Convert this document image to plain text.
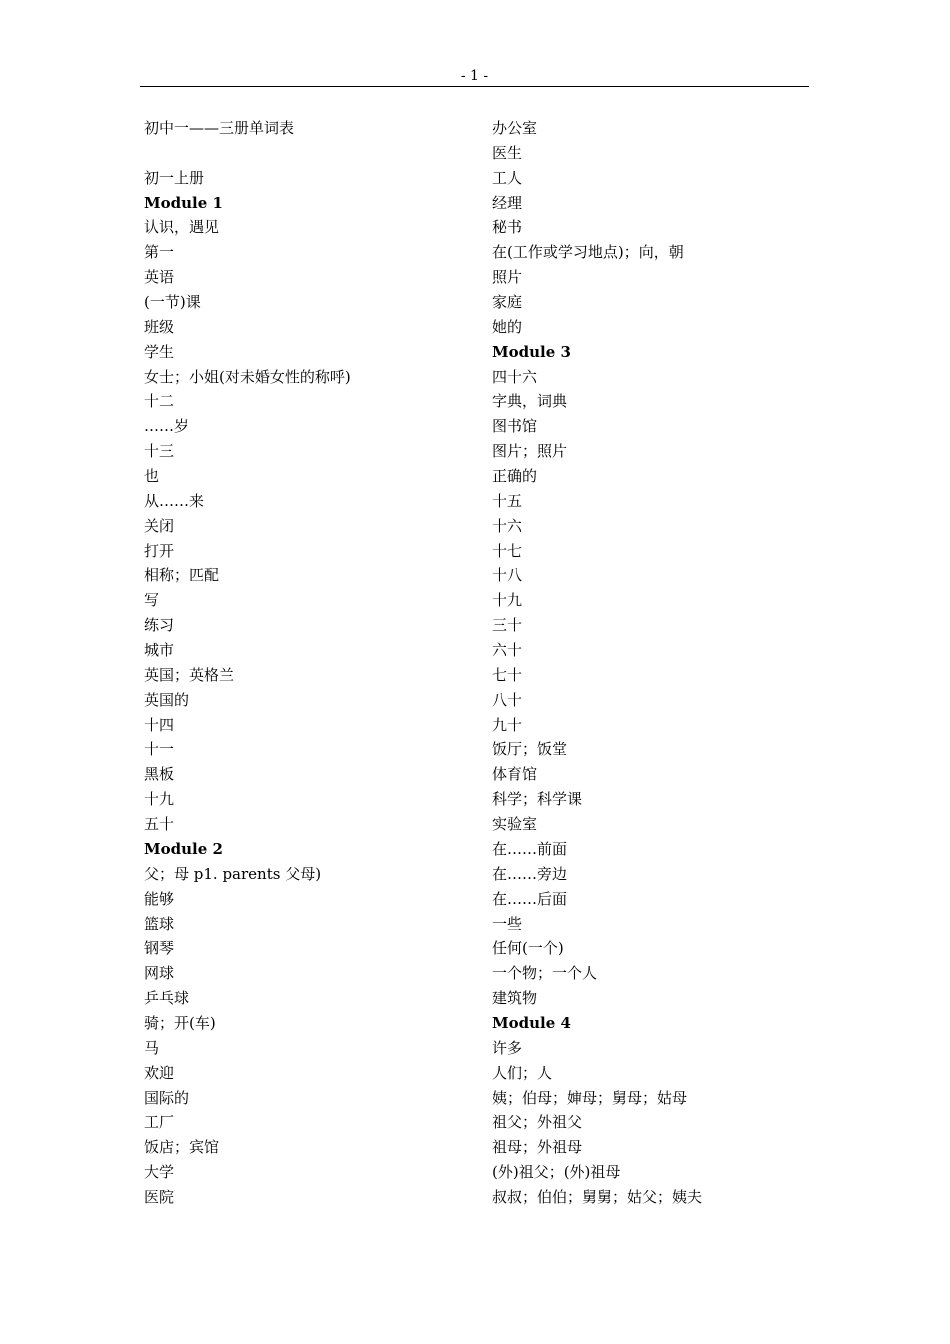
- 1 -
初中一——三册单词表
初一上册
Module 1
认识，遇见
第一
英语
(一节)课
班级
学生
女士；小姐(对未婚女性的称呼)
十二
……岁
十三
也
从……来
关闭
打开
相称；匹配
写
练习
城市
英国；英格兰
英国的
十四
十一
黑板
十九
五十
Module 2
父；母 p1. parents 父母)
能够
篮球
钢琴
网球
乒乓球
骑；开(车)
马
欢迎
国际的
工厂
饭店；宾馆
大学
医院
办公室
医生
工人
经理
秘书
在(工作或学习地点)；向，朝
照片
家庭
她的
Module 3
四十六
字典，词典
图书馆
图片；照片
正确的
十五
十六
十七
十八
十九
三十
六十
七十
八十
九十
饭厅；饭堂
体育馆
科学；科学课
实验室
在……前面
在……旁边
在……后面
一些
任何(一个)
一个物；一个人
建筑物
Module 4
许多
人们；人
姨；伯母；婶母；舅母；姑母
祖父；外祖父
祖母；外祖母
(外)祖父；(外)祖母
叔叔；伯伯；舅舅；姑父；姨夫
